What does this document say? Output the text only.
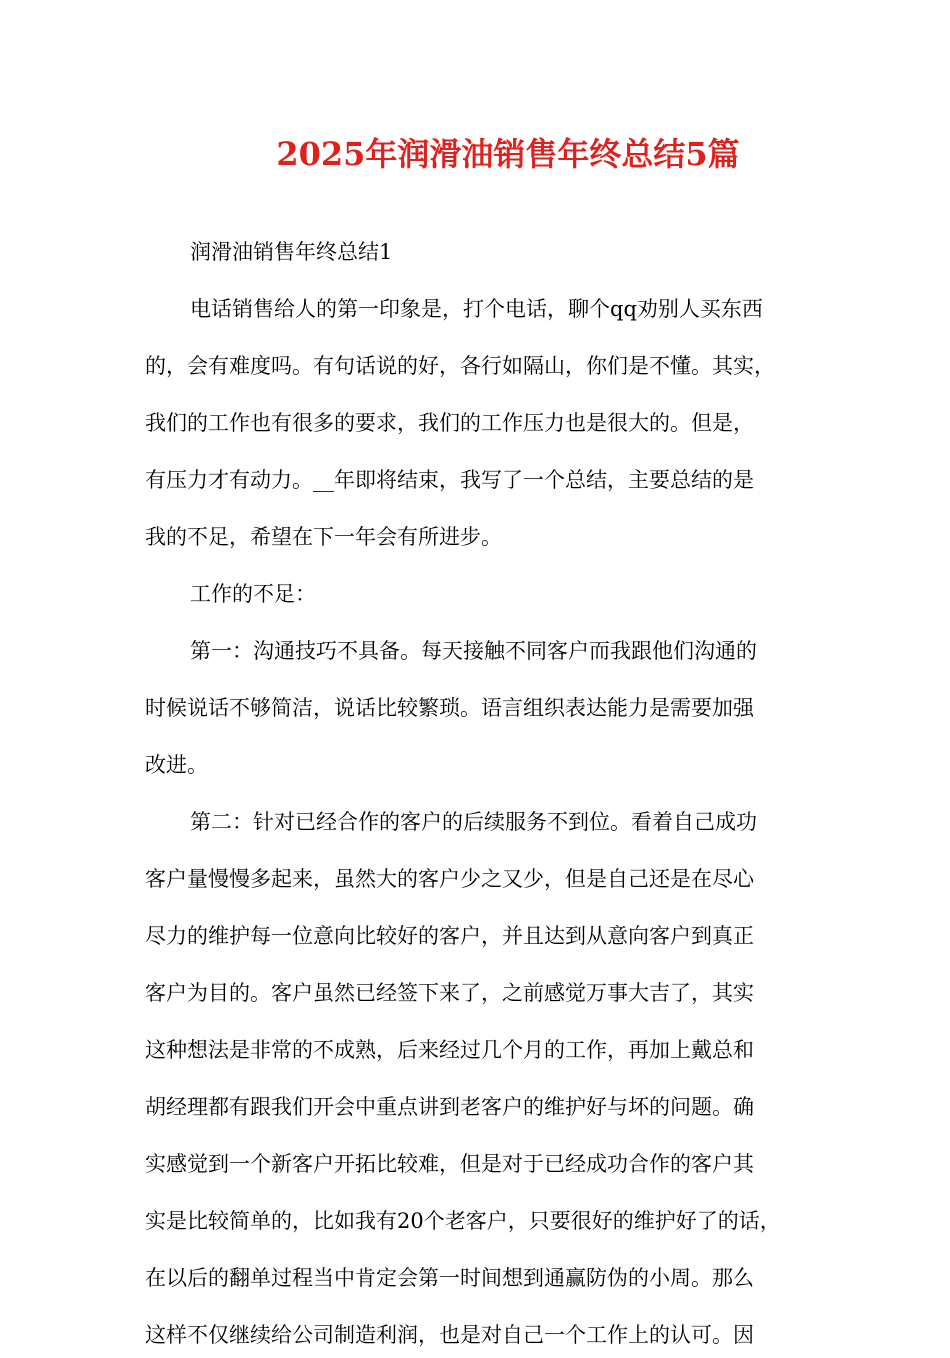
2025年润滑油销售年终总结5篇
润滑油销售年终总结1
电话销售给人的第一印象是，打个电话，聊个qq劝别人买东西
的，会有难度吗。有句话说的好，各行如隔山，你们是不懂。其实，
我们的工作也有很多的要求，我们的工作压力也是很大的。但是，
有压力才有动力。__年即将结束，我写了一个总结，主要总结的是
我的不足，希望在下一年会有所进步。
工作的不足：
第一：沟通技巧不具备。每天接触不同客户而我跟他们沟通的
时候说话不够简洁，说话比较繁琐。语言组织表达能力是需要加强
改进。
第二：针对已经合作的客户的后续服务不到位。看着自己成功
客户量慢慢多起来，虽然大的客户少之又少，但是自己还是在尽心
尽力的维护每一位意向比较好的客户，并且达到从意向客户到真正
客户为目的。客户虽然已经签下来了，之前感觉万事大吉了，其实
这种想法是非常的不成熟，后来经过几个月的工作，再加上戴总和
胡经理都有跟我们开会中重点讲到老客户的维护好与坏的问题。确
实感觉到一个新客户开拓比较难，但是对于已经成功合作的客户其
实是比较简单的，比如我有20个老客户，只要很好的维护好了的话，
在以后的翻单过程当中肯定会第一时间想到通赢防伪的小周。那么
这样不仅继续给公司制造利润，也是对自己一个工作上的认可。因
